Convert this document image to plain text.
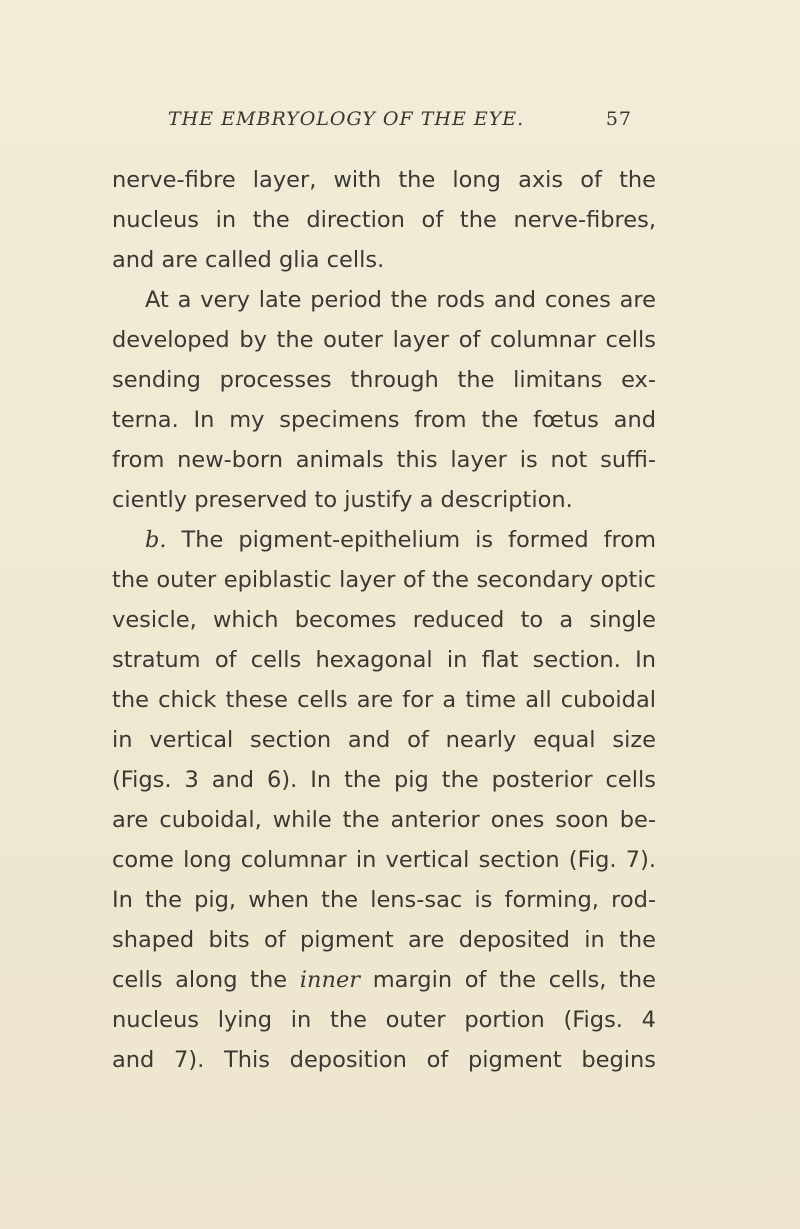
THE EMBRYOLOGY OF THE EYE.	57
nerve-fibre layer, with the long axis of the
nucleus in the direction of the nerve-fibres,
and are called glia cells.
At a very late period the rods and cones are
developed by the outer layer of columnar cells
sending processes through the limitans ex-
terna. In my specimens from the fœtus and
from new-born animals this layer is not suffi-
ciently preserved to justify a description.
b. The pigment-epithelium is formed from
the outer epiblastic layer of the secondary optic
vesicle, which becomes reduced to a single
stratum of cells hexagonal in flat section. In
the chick these cells are for a time all cuboidal
in vertical section and of nearly equal size
(Figs. 3 and 6). In the pig the posterior cells
are cuboidal, while the anterior ones soon be-
come long columnar in vertical section (Fig. 7).
In the pig, when the lens-sac is forming, rod-
shaped bits of pigment are deposited in the
cells along the inner margin of the cells, the
nucleus lying in the outer portion (Figs. 4
and 7). This deposition of pigment begins
